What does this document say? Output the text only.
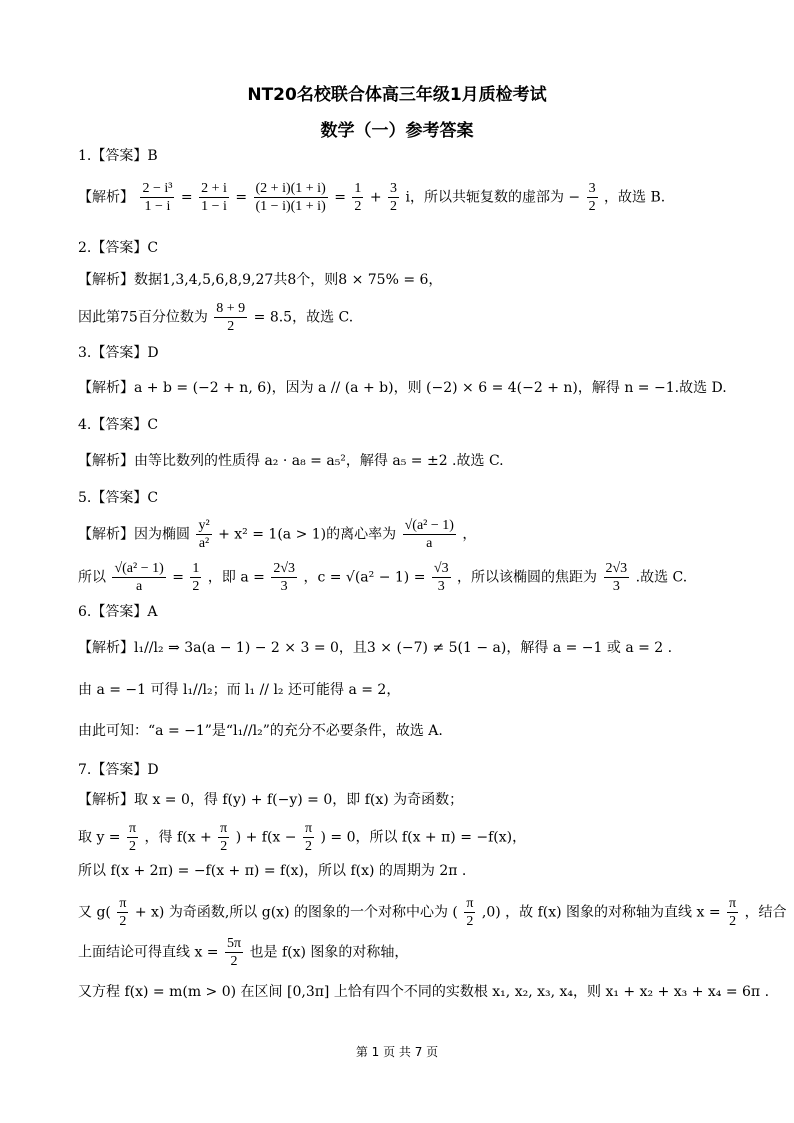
NT20名校联合体高三年级1月质检考试
数学（一）参考答案
1.【答案】B
【解析】 $\frac{\text{2 − i³}}{1 - i} = \frac{2 + i}{1 - i} = \frac{(2 + i)(1 + i)}{(1 - i)(1 + i)} = \frac{1}{2} + \frac{3}{2}$ i，所以共轭复数的虚部为 − $\frac{3}{2}$ ，故选 B.
2.【答案】C
【解析】数据1,3,4,5,6,8,9,27共8个，则8 × 75% = 6，
因此第75百分位数为 $\frac{8 + 9}{2} = 8.5$，故选 C.
3.【答案】D
【解析】a + b = (−2 + n, 6)，因为 a // (a + b)，则 (−2) × 6 = 4(−2 + n)，解得 n = −1.故选 D.
4.【答案】C
【解析】由等比数列的性质得 a₂ · a₈ = a₅²，解得 a₅ = ±2 .故选 C.
5.【答案】C
【解析】因为椭圆 $\frac{\text{y²}}{\text{a²}} + x^2 = 1(a > 1)$的离心率为 $\frac{\text{√(a² − 1)}}{a}$ ，
所以 $\frac{\text{√(a² − 1)}}{a} = \frac{1}{2}$ ，即 $a = \frac{2√3}{3}$ ，$c = √(a^2 - 1) = \frac{√3}{3}$ ，所以该椭圆的焦距为 $\frac{2√3}{3}$ .故选 C.
6.【答案】A
【解析】l₁//l₂ ⇒ 3a(a − 1) − 2 × 3 = 0，且3 × (−7) ≠ 5(1 − a)，解得 a = −1 或 a = 2 .
由 a = −1 可得 l₁//l₂；而 l₁ // l₂ 还可能得 a = 2，
由此可知：“a = −1”是“l₁//l₂”的充分不必要条件，故选 A.
7.【答案】D
【解析】取 x = 0，得 f(y) + f(−y) = 0，即 f(x) 为奇函数；
取 $y = \frac{\pi}{2}$ ，得 $f(x + \frac{\pi}{2}$ ) + $f(x - \frac{\pi}{2}$ ) = 0，所以 f(x + π) = −f(x)，
所以 f(x + 2π) = −f(x + π) = f(x)，所以 f(x) 的周期为 2π .
又 $g( \frac{\pi}{2} + x)$ 为奇函数,所以 g(x) 的图象的一个对称中心为 ( $\frac{\pi}{2} ,0$) ，故 f(x) 图象的对称轴为直线 $x = \frac{\pi}{2}$ ，结合
上面结论可得直线 $x = \frac{5\pi}{2}$ 也是 f(x) 图象的对称轴，
又方程 f(x) = m(m > 0) 在区间 [0,3π] 上恰有四个不同的实数根 x₁, x₂, x₃, x₄，则 x₁ + x₂ + x₃ + x₄ = 6π .
第 1 页 共 7 页
